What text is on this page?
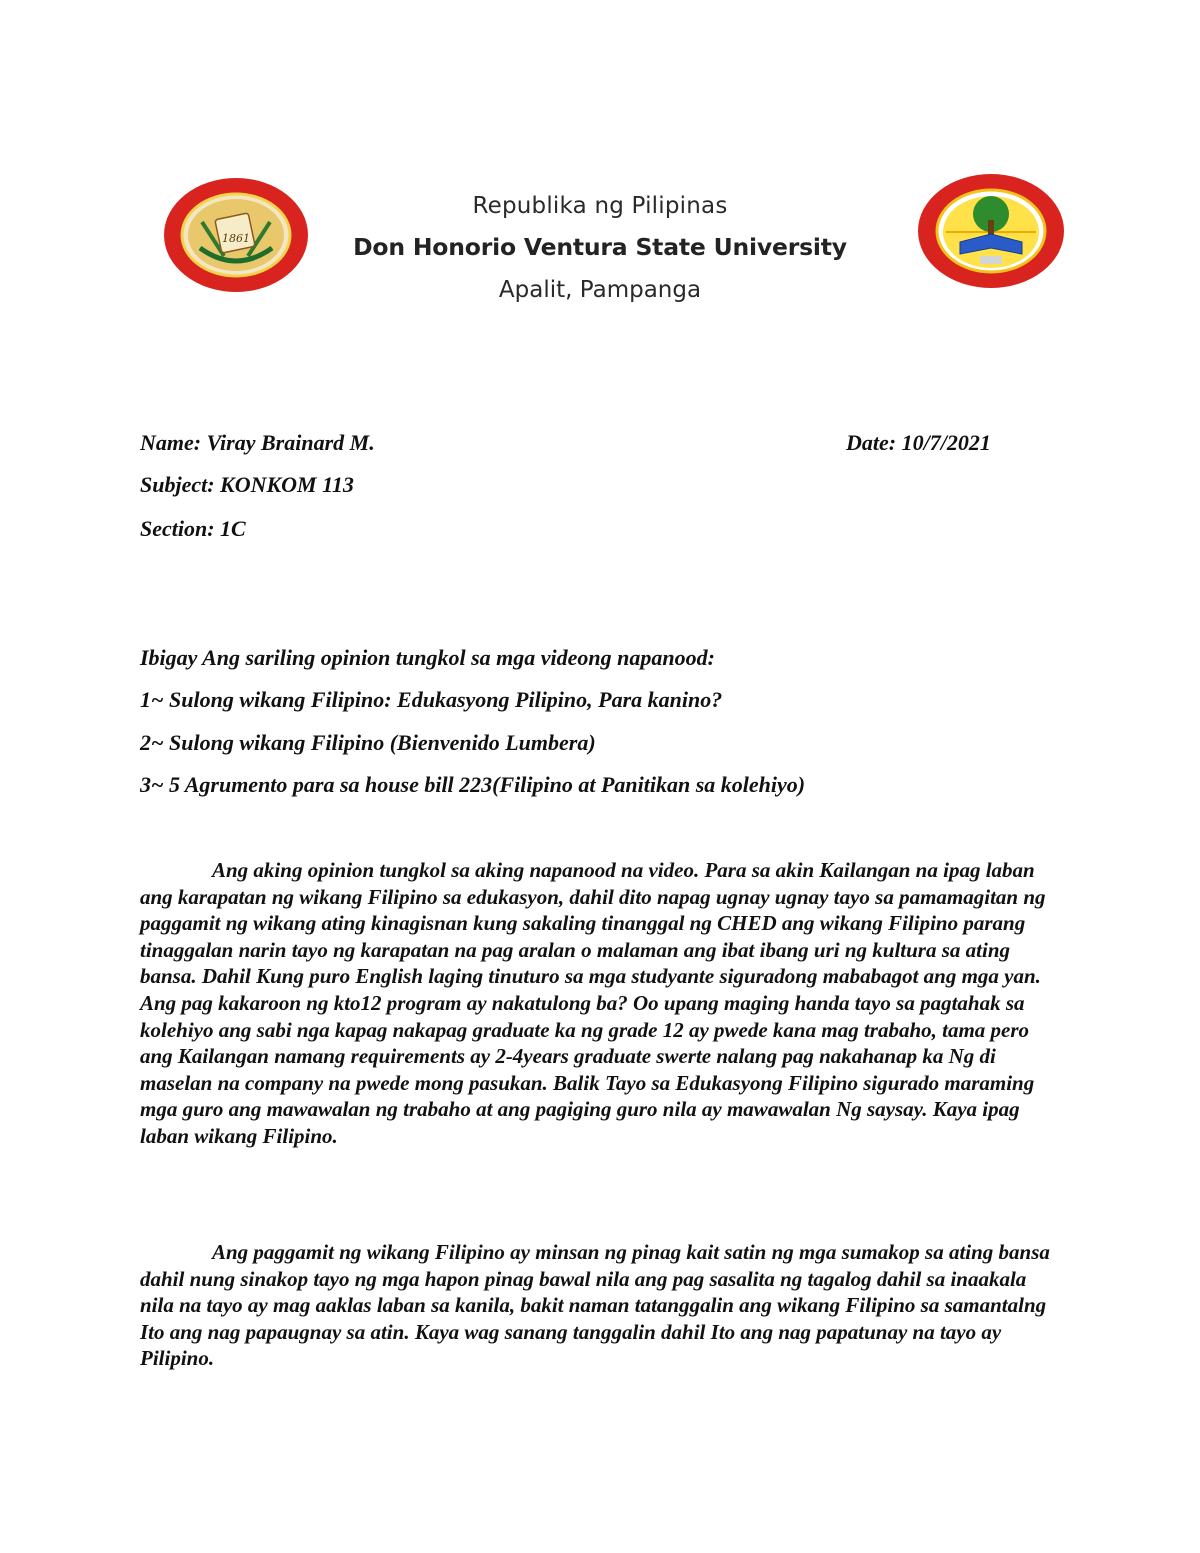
1861
Republika ng Pilipinas
Don Honorio Ventura State University
Apalit, Pampanga
Name: Viray Brainard M.	Date: 10/7/2021
Subject: KONKOM 113
Section: 1C
Ibigay Ang sariling opinion tungkol sa mga videong napanood:
1~ Sulong wikang Filipino: Edukasyong Pilipino, Para kanino?
2~ Sulong wikang Filipino (Bienvenido Lumbera)
3~ 5 Agrumento para sa house bill 223(Filipino at Panitikan sa kolehiyo)

Ang aking opinion tungkol sa aking napanood na video. Para sa akin Kailangan na ipag laban ang karapatan ng wikang Filipino sa edukasyon, dahil dito napag ugnay ugnay tayo sa pamamagitan ng paggamit ng wikang ating kinagisnan kung sakaling tinanggal ng CHED ang wikang Filipino parang tinaggalan narin tayo ng karapatan na pag aralan o malaman ang ibat ibang uri ng kultura sa ating bansa. Dahil Kung puro English laging tinuturo sa mga studyante siguradong mababagot ang mga yan. Ang pag kakaroon ng kto12 program ay nakatulong ba? Oo upang maging handa tayo sa pagtahak sa kolehiyo ang sabi nga kapag nakapag graduate ka ng grade 12 ay pwede kana mag trabaho, tama pero ang Kailangan namang requirements ay 2-4years graduate swerte nalang pag nakahanap ka Ng di maselan na company na pwede mong pasukan. Balik Tayo sa Edukasyong Filipino sigurado maraming mga guro ang mawawalan ng trabaho at ang pagiging guro nila ay mawawalan Ng saysay. Kaya ipag laban wikang Filipino.

Ang paggamit ng wikang Filipino ay minsan ng pinag kait satin ng mga sumakop sa ating bansa dahil nung sinakop tayo ng mga hapon pinag bawal nila ang pag sasalita ng tagalog dahil sa inaakala nila na tayo ay mag aaklas laban sa kanila, bakit naman tatanggalin ang wikang Filipino sa samantalng Ito ang nag papaugnay sa atin. Kaya wag sanang tanggalin dahil Ito ang nag papatunay na tayo ay Pilipino.
